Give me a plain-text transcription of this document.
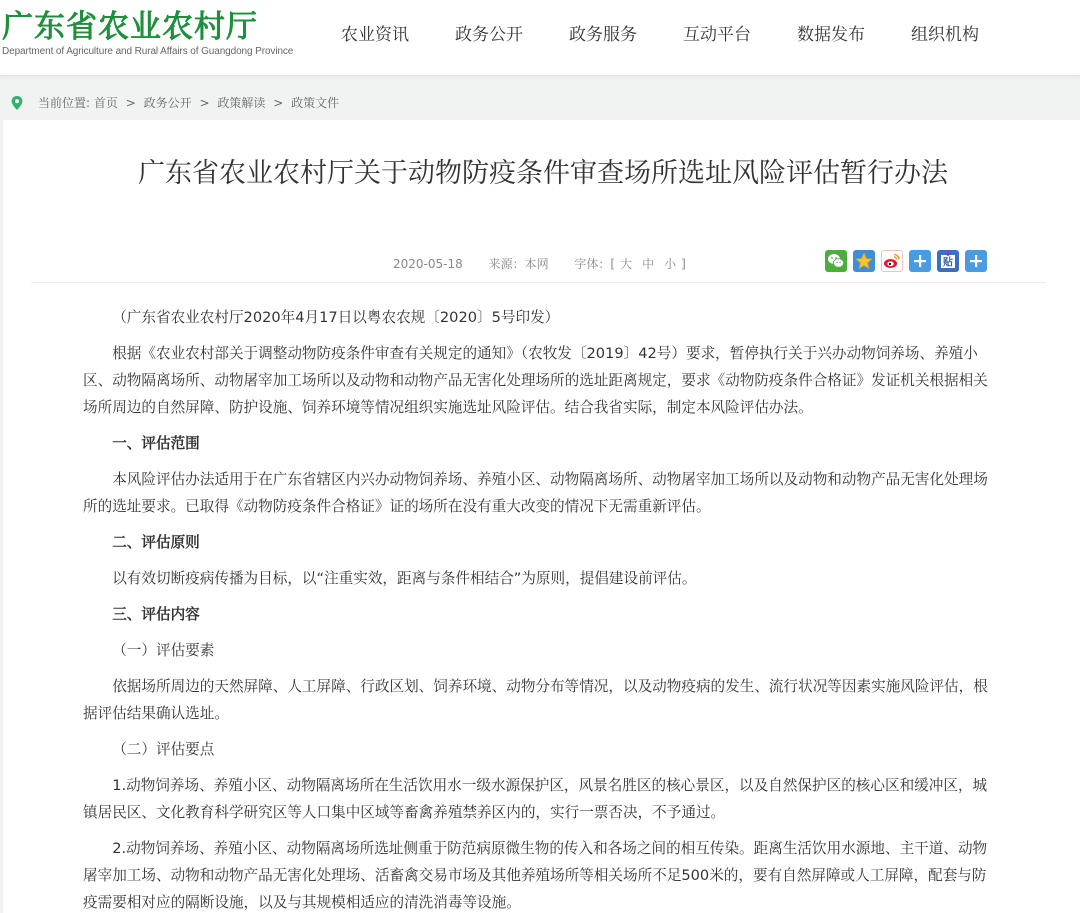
广东省农业农村厅
Department of Agriculture and Rural Affairs of Guangdong Province
农业资讯	政务公开	政务服务	互动平台	数据发布	组织机构
当前位置: 首页 > 政务公开 > 政策解读 > 政策文件
广东省农业农村厅关于动物防疫条件审查场所选址风险评估暂行办法
2020-05-18 来源：本网 字体：[ 大 中 小 ]	贴

（广东省农业农村厅2020年4月17日以粤农农规〔2020〕5号印发）

根据《农业农村部关于调整动物防疫条件审查有关规定的通知》（农牧发〔2019〕42号）要求，暂停执行关于兴办动物饲养场、养殖小区、动物隔离场所、动物屠宰加工场所以及动物和动物产品无害化处理场所的选址距离规定，要求《动物防疫条件合格证》发证机关根据相关场所周边的自然屏障、防护设施、饲养环境等情况组织实施选址风险评估。结合我省实际，制定本风险评估办法。

一、评估范围

本风险评估办法适用于在广东省辖区内兴办动物饲养场、养殖小区、动物隔离场所、动物屠宰加工场所以及动物和动物产品无害化处理场所的选址要求。已取得《动物防疫条件合格证》证的场所在没有重大改变的情况下无需重新评估。

二、评估原则

以有效切断疫病传播为目标，以“注重实效，距离与条件相结合”为原则，提倡建设前评估。

三、评估内容

（一）评估要素

依据场所周边的天然屏障、人工屏障、行政区划、饲养环境、动物分布等情况，以及动物疫病的发生、流行状况等因素实施风险评估，根据评估结果确认选址。

（二）评估要点

1.动物饲养场、养殖小区、动物隔离场所在生活饮用水一级水源保护区，风景名胜区的核心景区，以及自然保护区的核心区和缓冲区，城镇居民区、文化教育科学研究区等人口集中区域等畜禽养殖禁养区内的，实行一票否决，不予通过。

2.动物饲养场、养殖小区、动物隔离场所选址侧重于防范病原微生物的传入和各场之间的相互传染。距离生活饮用水源地、主干道、动物屠宰加工场、动物和动物产品无害化处理场、活畜禽交易市场及其他养殖场所等相关场所不足500米的，要有自然屏障或人工屏障，配套与防疫需要相对应的隔断设施，以及与其规模相适应的清洗消毒等设施。
